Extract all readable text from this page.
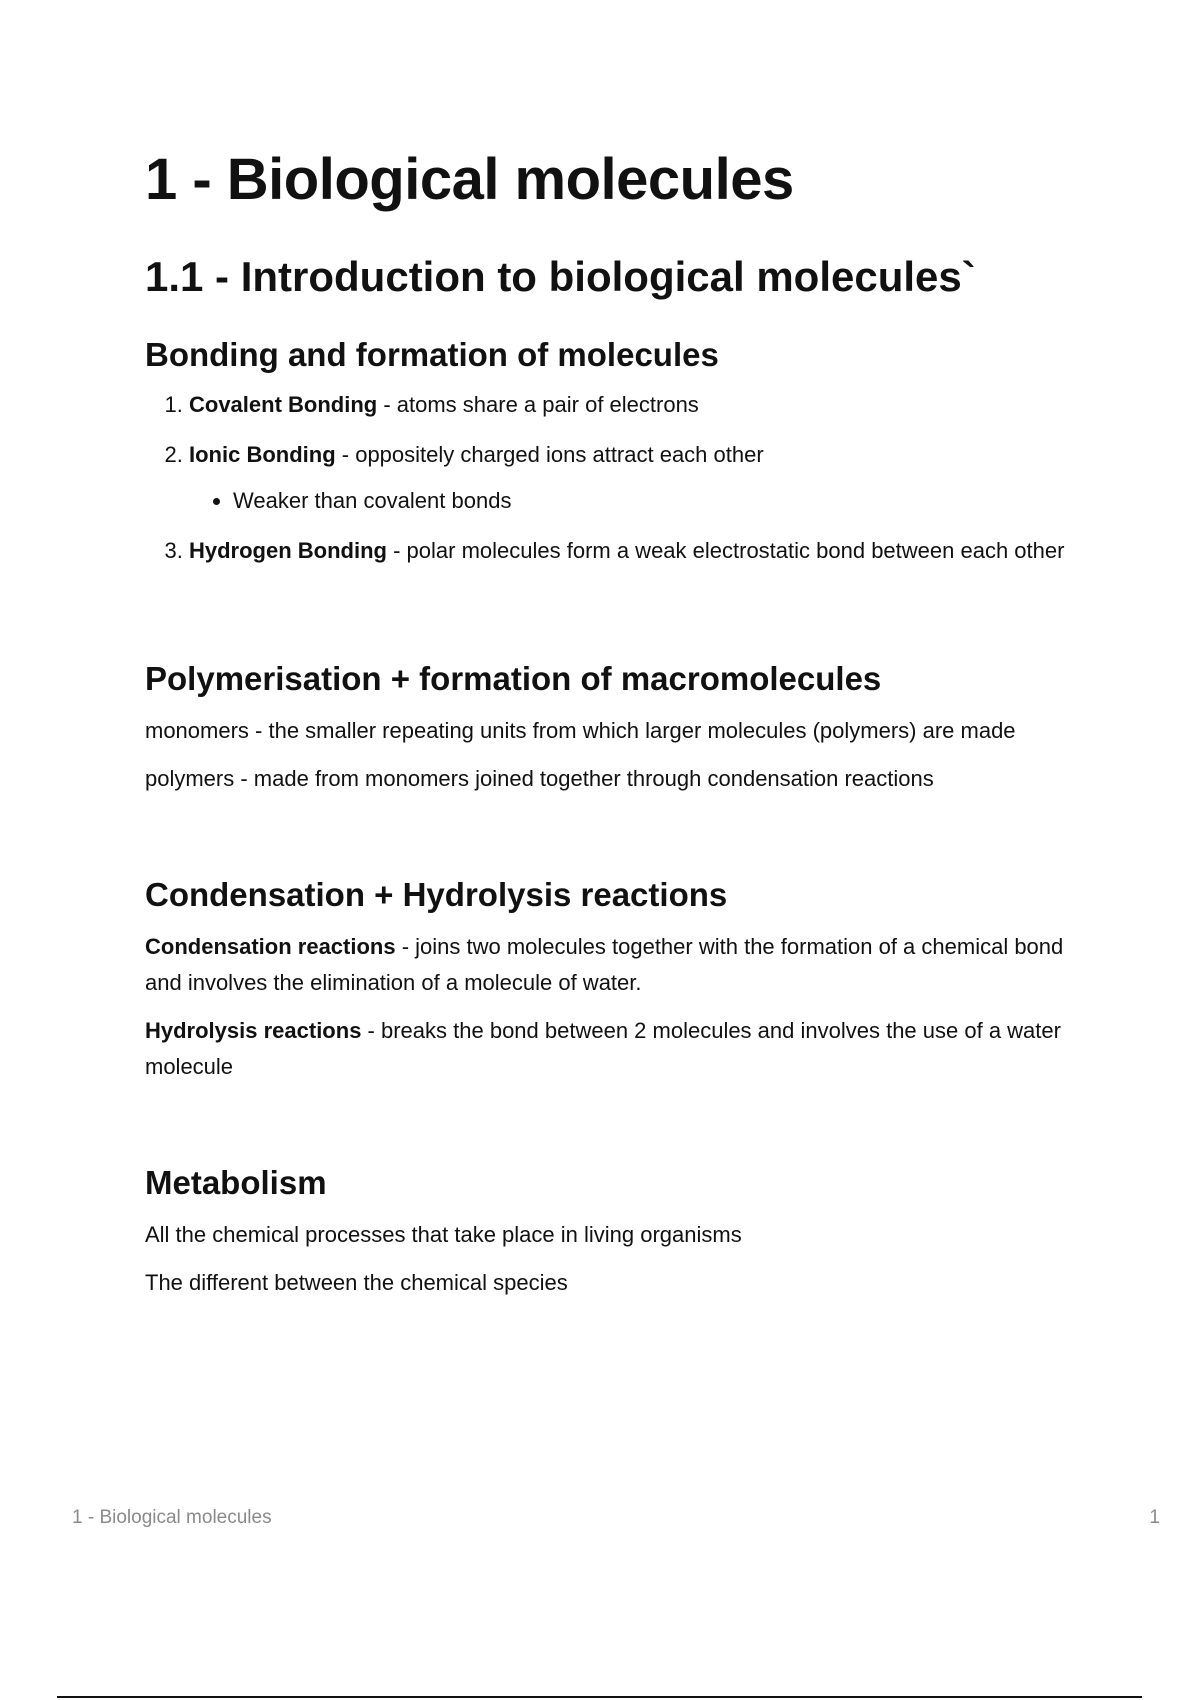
1 - Biological molecules
1.1 - Introduction to biological molecules`
Bonding and formation of molecules
1. Covalent Bonding - atoms share a pair of electrons
2. Ionic Bonding - oppositely charged ions attract each other
• Weaker than covalent bonds
3. Hydrogen Bonding - polar molecules form a weak electrostatic bond between each other
Polymerisation + formation of macromolecules

monomers - the smaller repeating units from which larger molecules (polymers) are made

polymers - made from monomers joined together through condensation reactions

Condensation + Hydrolysis reactions

Condensation reactions - joins two molecules together with the formation of a chemical bond and involves the elimination of a molecule of water.

Hydrolysis reactions - breaks the bond between 2 molecules and involves the use of a water molecule

Metabolism

All the chemical processes that take place in living organisms

The different between the chemical species

1 - Biological molecules	1
